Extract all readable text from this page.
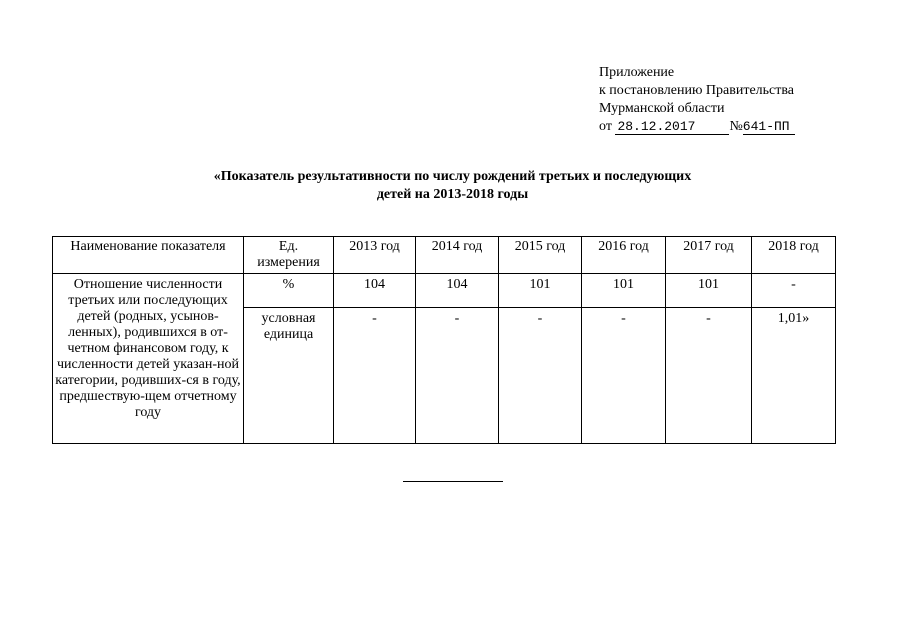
Приложение
к постановлению Правительства
Мурманской области
от 28.12.2017 №641-ПП
«Показатель результативности по числу рождений третьих и последующих
детей на 2013-2018 годы
Наименование показателя	Ед. измерения	2013 год	2014 год	2015 год	2016 год	2017 год	2018 год
Отношение численности третьих или последующих детей (родных, усынов-ленных), родившихся в от-четном финансовом году, к численности детей указан-ной категории, родивших-ся в году, предшествую-щем отчетному году	%	104	104	101	101	101	-
	условная единица	-	-	-	-	-	1,01»
